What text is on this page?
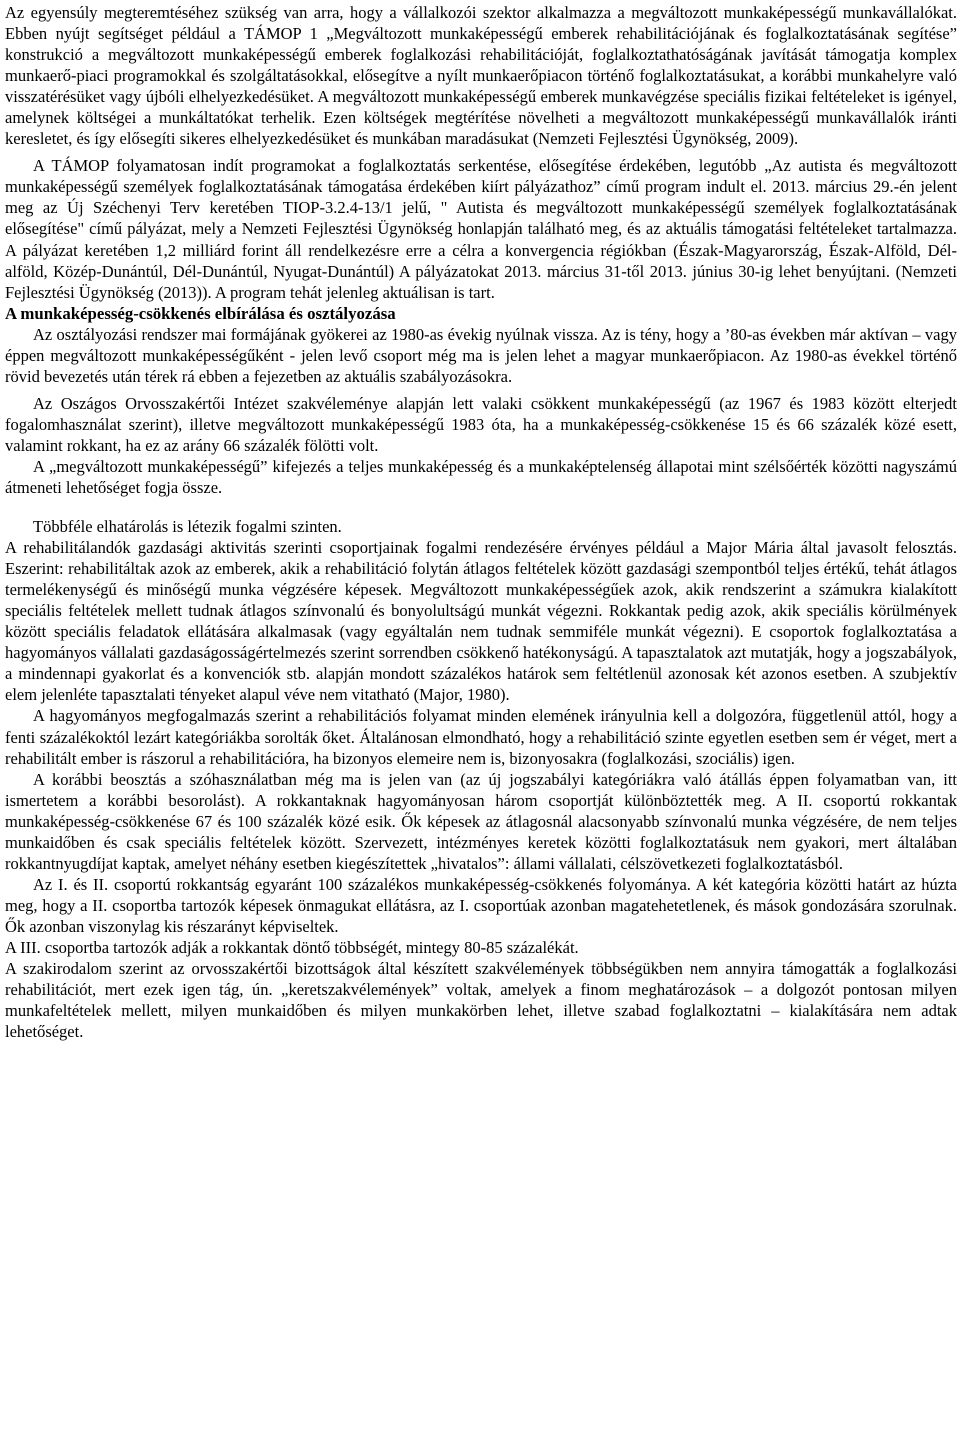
Az egyensúly megteremtéséhez szükség van arra, hogy a vállalkozói szektor alkalmazza a megváltozott munkaképességű munkavállalókat. Ebben nyújt segítséget például a TÁMOP 1 „Megváltozott munkaképességű emberek rehabilitációjának és foglalkoztatásának segítése” konstrukció a megváltozott munkaképességű emberek foglalkozási rehabilitációját, foglalkoztathatóságának javítását támogatja komplex munkaerő-piaci programokkal és szolgáltatásokkal, elősegítve a nyílt munkaerőpiacon történő foglalkoztatásukat, a korábbi munkahelyre való visszatérésüket vagy újbóli elhelyezkedésüket. A megváltozott munkaképességű emberek munkavégzése speciális fizikai feltételeket is igényel, amelynek költségei a munkáltatókat terhelik. Ezen költségek megtérítése növelheti a megváltozott munkaképességű munkavállalók iránti keresletet, és így elősegíti sikeres elhelyezkedésüket és munkában maradásukat (Nemzeti Fejlesztési Ügynökség, 2009).

A TÁMOP folyamatosan indít programokat a foglalkoztatás serkentése, elősegítése érdekében, legutóbb „Az autista és megváltozott munkaképességű személyek foglalkoztatásának támogatása érdekében kiírt pályázathoz” című program indult el. 2013. március 29.-én jelent meg az Új Széchenyi Terv keretében TIOP-3.2.4-13/1 jelű, " Autista és megváltozott munkaképességű személyek foglalkoztatásának elősegítése" című pályázat, mely a Nemzeti Fejlesztési Ügynökség honlapján található meg, és az aktuális támogatási feltételeket tartalmazza. A pályázat keretében 1,2 milliárd forint áll rendelkezésre erre a célra a konvergencia régiókban (Észak-Magyarország, Észak-Alföld, Dél-alföld, Közép-Dunántúl, Dél-Dunántúl, Nyugat-Dunántúl) A pályázatokat 2013. március 31-től 2013. június 30-ig lehet benyújtani. (Nemzeti Fejlesztési Ügynökség (2013)). A program tehát jelenleg aktuálisan is tart.

A munkaképesség-csökkenés elbírálása és osztályozása

Az osztályozási rendszer mai formájának gyökerei az 1980-as évekig nyúlnak vissza. Az is tény, hogy a ’80-as években már aktívan – vagy éppen megváltozott munkaképességűként - jelen levő csoport még ma is jelen lehet a magyar munkaerőpiacon. Az 1980-as évekkel történő rövid bevezetés után térek rá ebben a fejezetben az aktuális szabályozásokra.

Az Oszágos Orvosszakértői Intézet szakvéleménye alapján lett valaki csökkent munkaképességű (az 1967 és 1983 között elterjedt fogalomhasználat szerint), illetve megváltozott munkaképességű 1983 óta, ha a munkaképesség-csökkenése 15 és 66 százalék közé esett, valamint rokkant, ha ez az arány 66 százalék fölötti volt.

A „megváltozott munkaképességű” kifejezés a teljes munkaképesség és a munkaképtelenség állapotai mint szélsőérték közötti nagyszámú átmeneti lehetőséget fogja össze.

Többféle elhatárolás is létezik fogalmi szinten.

A rehabilitálandók gazdasági aktivitás szerinti csoportjainak fogalmi rendezésére érvényes például a Major Mária által javasolt felosztás. Eszerint: rehabilitáltak azok az emberek, akik a rehabilitáció folytán átlagos feltételek között gazdasági szempontból teljes értékű, tehát átlagos termelékenységű és minőségű munka végzésére képesek. Megváltozott munkaképességűek azok, akik rendszerint a számukra kialakított speciális feltételek mellett tudnak átlagos színvonalú és bonyolultságú munkát végezni. Rokkantak pedig azok, akik speciális körülmények között speciális feladatok ellátására alkalmasak (vagy egyáltalán nem tudnak semmiféle munkát végezni). E csoportok foglalkoztatása a hagyományos vállalati gazdaságosságértelmezés szerint sorrendben csökkenő hatékonyságú. A tapasztalatok azt mutatják, hogy a jogszabályok, a mindennapi gyakorlat és a konvenciók stb. alapján mondott százalékos határok sem feltétlenül azonosak két azonos esetben. A szubjektív elem jelenléte tapasztalati tényeket alapul véve nem vitatható (Major, 1980).

A hagyományos megfogalmazás szerint a rehabilitációs folyamat minden elemének irányulnia kell a dolgozóra, függetlenül attól, hogy a fenti százalékoktól lezárt kategóriákba sorolták őket. Általánosan elmondható, hogy a rehabilitáció szinte egyetlen esetben sem ér véget, mert a rehabilitált ember is rászorul a rehabilitációra, ha bizonyos elemeire nem is, bizonyosakra (foglalkozási, szociális) igen.

A korábbi beosztás a szóhasználatban még ma is jelen van (az új jogszabályi kategóriákra való átállás éppen folyamatban van, itt ismertetem a korábbi besorolást). A rokkantaknak hagyományosan három csoportját különböztették meg. A II. csoportú rokkantak munkaképesség-csökkenése 67 és 100 százalék közé esik. Ők képesek az átlagosnál alacsonyabb színvonalú munka végzésére, de nem teljes munkaidőben és csak speciális feltételek között. Szervezett, intézményes keretek közötti foglalkoztatásuk nem gyakori, mert általában rokkantnyugdíjat kaptak, amelyet néhány esetben kiegészítettek „hivatalos”: állami vállalati, célszövetkezeti foglalkoztatásból.

Az I. és II. csoportú rokkantság egyaránt 100 százalékos munkaképesség-csökkenés folyománya. A két kategória közötti határt az húzta meg, hogy a II. csoportba tartozók képesek önmagukat ellátásra, az I. csoportúak azonban magatehetetlenek, és mások gondozására szorulnak. Ők azonban viszonylag kis részarányt képviseltek.

A III. csoportba tartozók adják a rokkantak döntő többségét, mintegy 80-85 százalékát.

A szakirodalom szerint az orvosszakértői bizottságok által készített szakvélemények többségükben nem annyira támogatták a foglalkozási rehabilitációt, mert ezek igen tág, ún. „keretszakvélemények” voltak, amelyek a finom meghatározások – a dolgozót pontosan milyen munkafeltételek mellett, milyen munkaidőben és milyen munkakörben lehet, illetve szabad foglalkoztatni – kialakítására nem adtak lehetőséget.
